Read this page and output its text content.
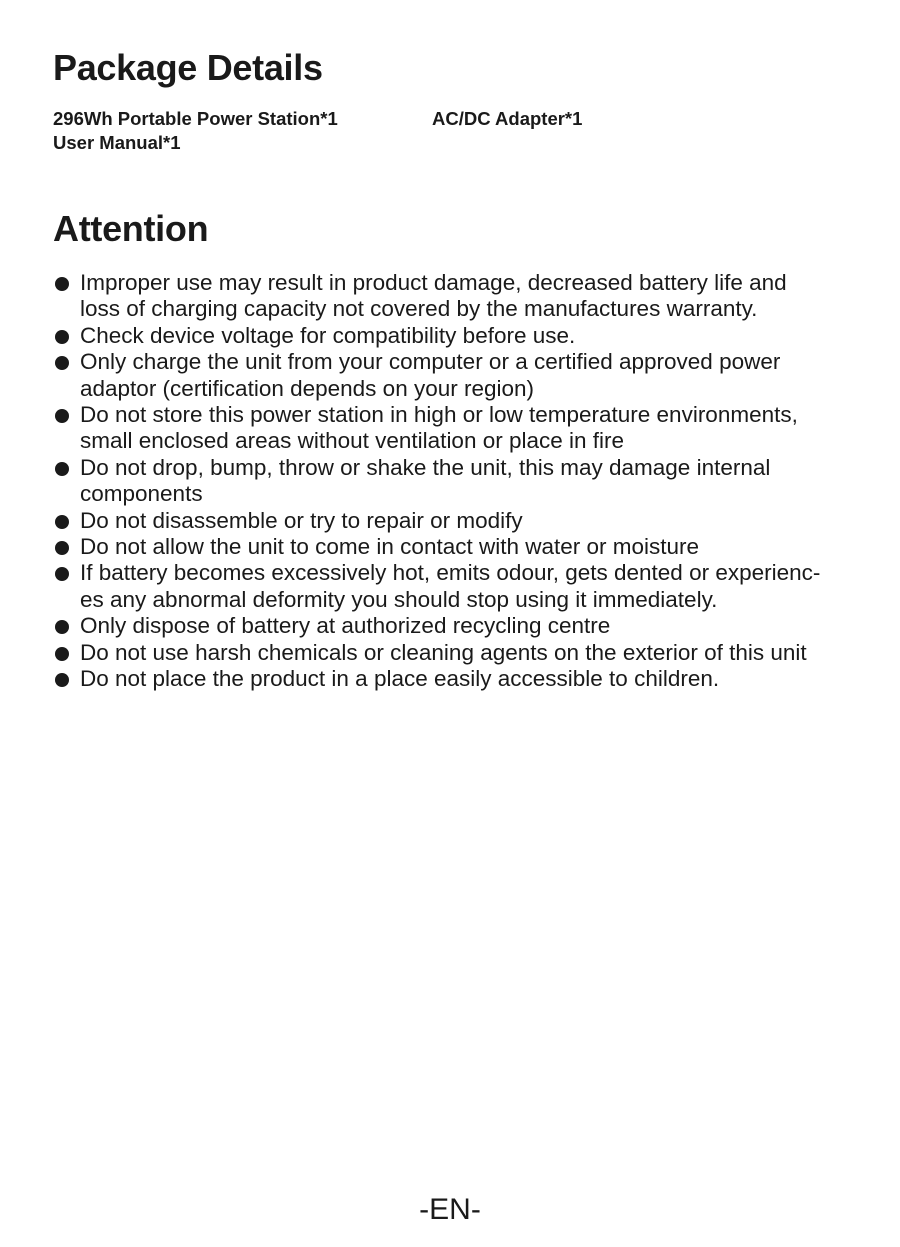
Package Details
296Wh Portable Power Station*1	AC/DC Adapter*1
User Manual*1
Attention
Improper use may result in product damage, decreased battery life and
loss of charging capacity not covered by the manufactures warranty.
Check device voltage for compatibility before use.
Only charge the unit from your computer or a certified approved power
adaptor (certification depends on your region)
Do not store this power station in high or low temperature environments,
small enclosed areas without ventilation or place in fire
Do not drop, bump, throw or shake the unit, this may damage internal
components
Do not disassemble or try to repair or modify
Do not allow the unit to come in contact with water or moisture
If battery becomes excessively hot, emits odour, gets dented or experienc-
es any abnormal deformity you should stop using it immediately.
Only dispose of battery at authorized recycling centre
Do not use harsh chemicals or cleaning agents on the exterior of this unit
Do not place the product in a place easily accessible to children.
-EN-
